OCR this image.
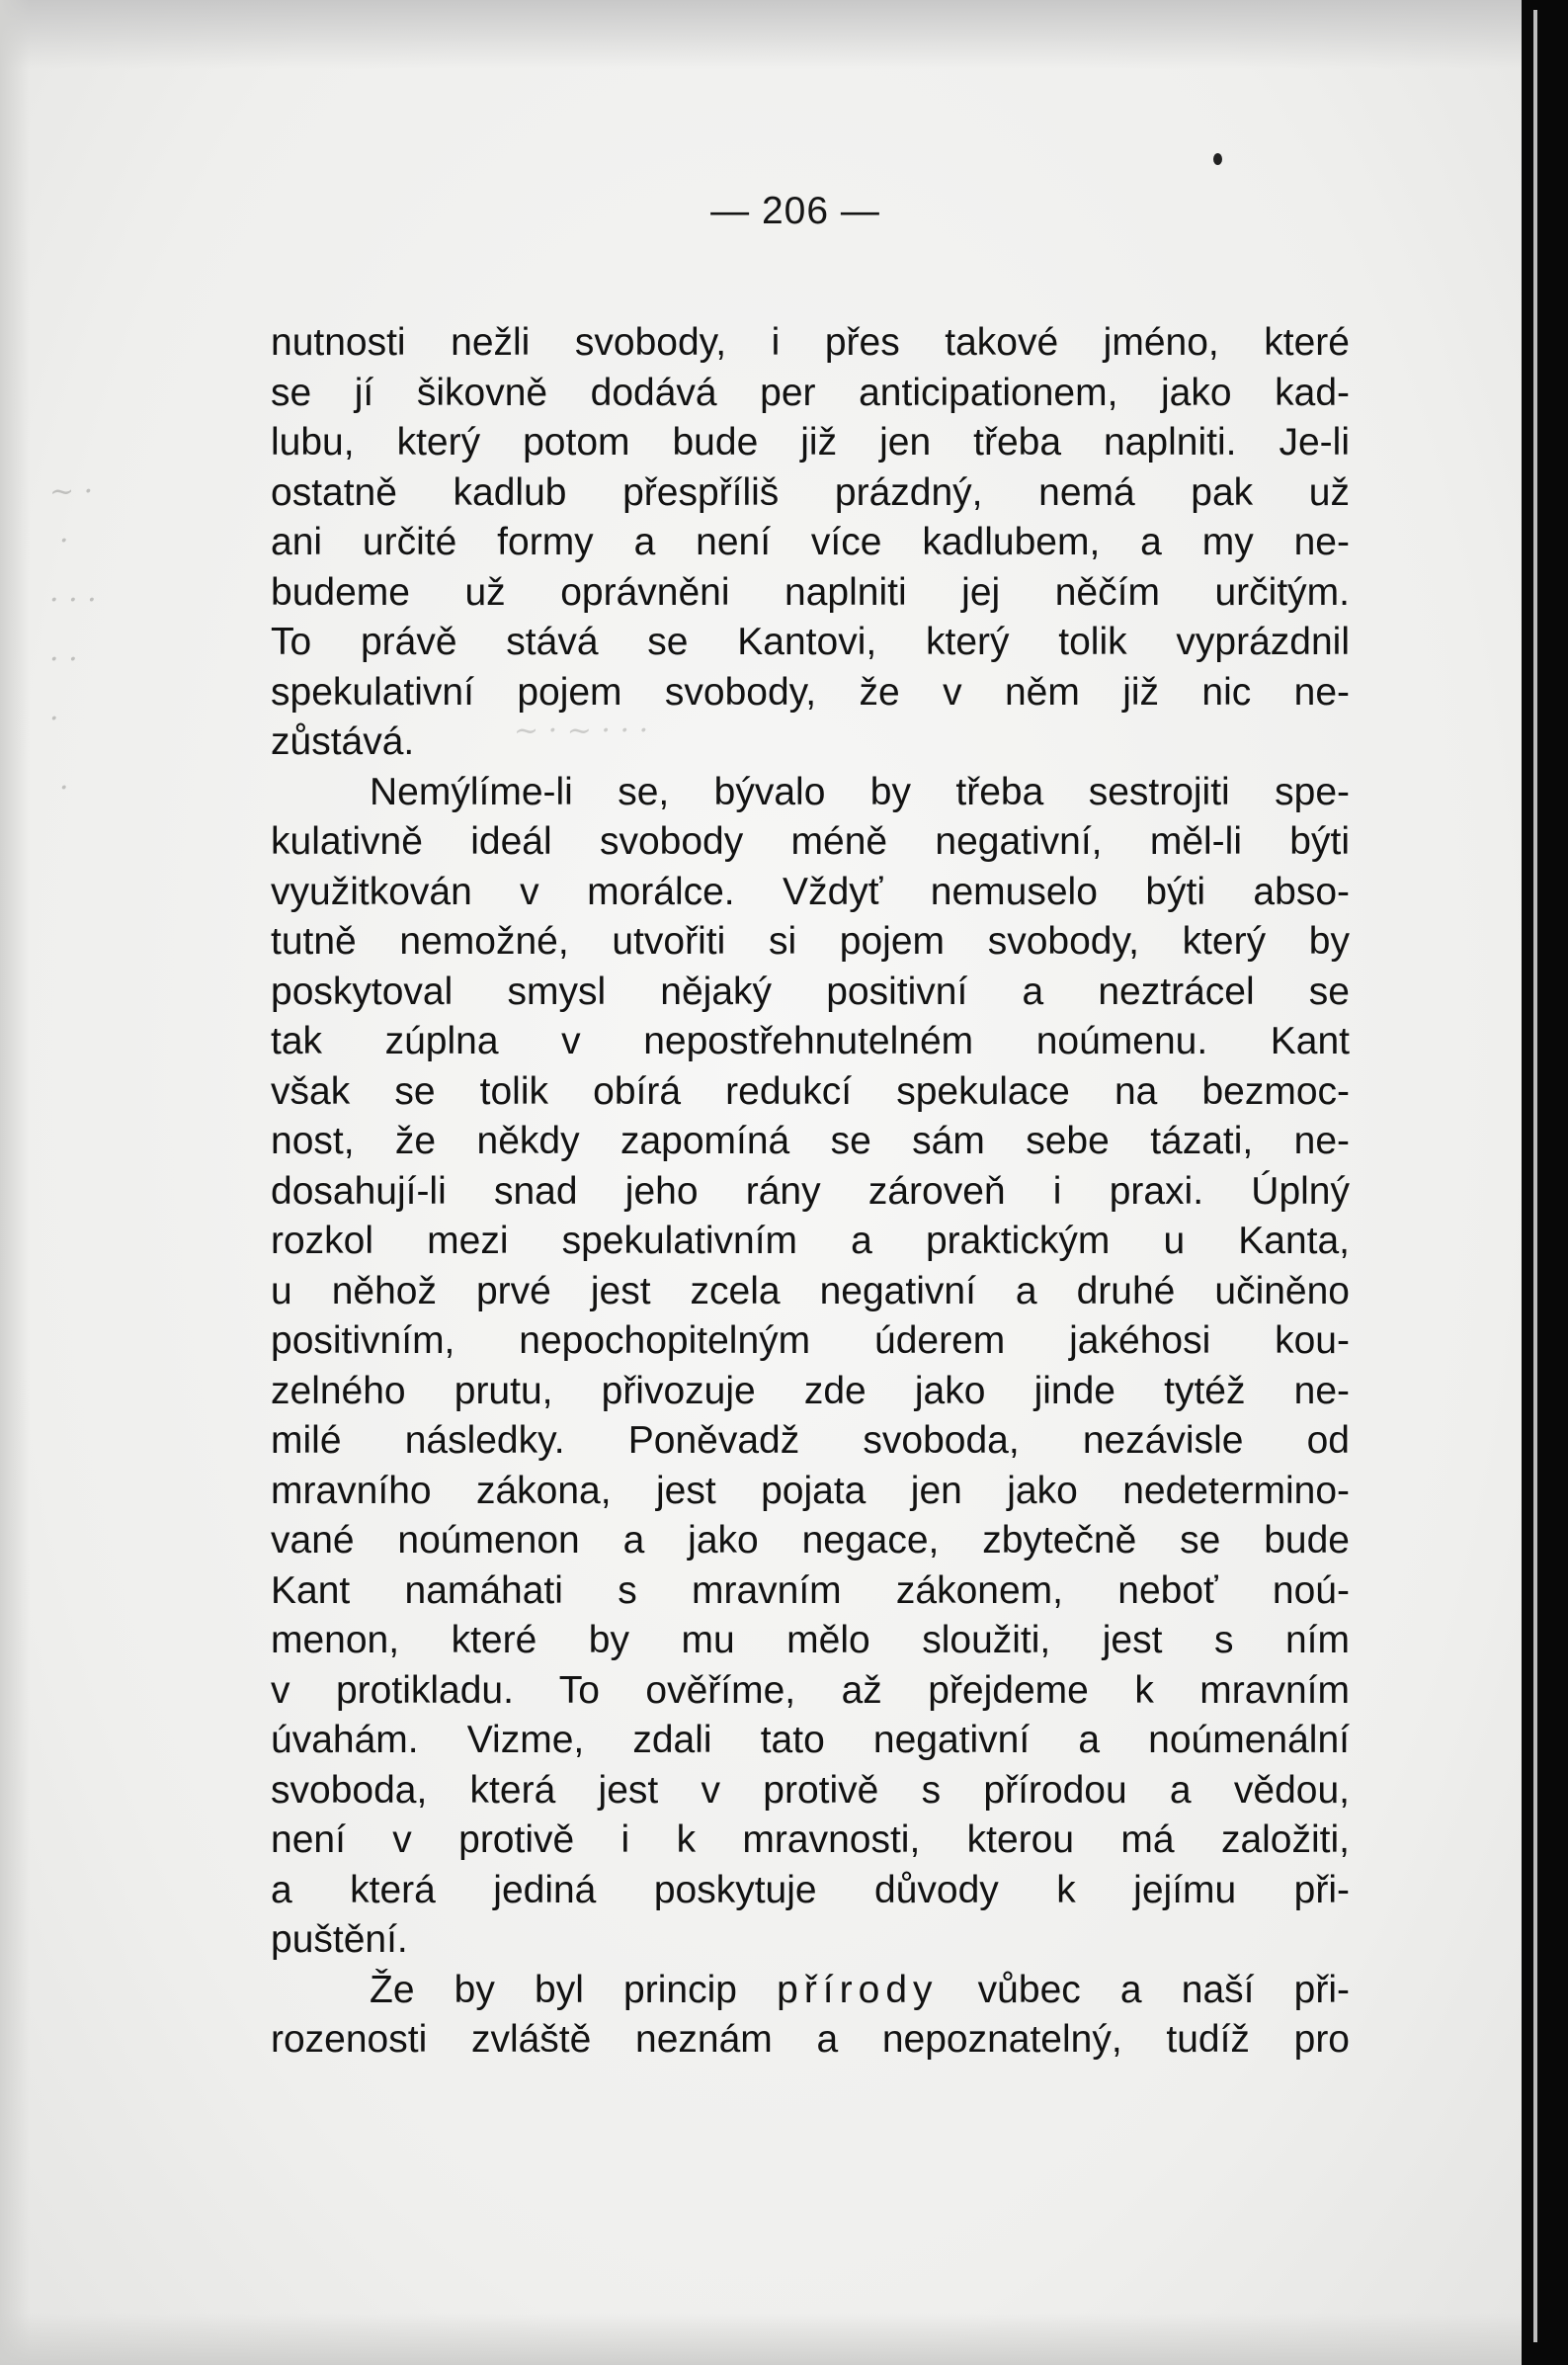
~ ·
·
· · ·
· ·
·
·
~ · ~ · · ·
— 206 —
nutnosti nežli svobody, i přes takové jméno, které
se jí šikovně dodává per anticipationem, jako kad-
lubu, který potom bude již jen třeba naplniti. Je-li
ostatně kadlub přespříliš prázdný, nemá pak už
ani určité formy a není více kadlubem, a my ne-
budeme už oprávněni naplniti jej něčím určitým.
To právě stává se Kantovi, který tolik vyprázdnil
spekulativní pojem svobody, že v něm již nic ne-
zůstává.
Nemýlíme-li se, bývalo by třeba sestrojiti spe-
kulativně ideál svobody méně negativní, měl-li býti
využitkován v morálce. Vždyť nemuselo býti abso-
tutně nemožné, utvořiti si pojem svobody, který by
poskytoval smysl nějaký positivní a neztrácel se
tak zúplna v nepostřehnutelném noúmenu. Kant
však se tolik obírá redukcí spekulace na bezmoc-
nost, že někdy zapomíná se sám sebe tázati, ne-
dosahují-li snad jeho rány zároveň i praxi. Úplný
rozkol mezi spekulativním a praktickým u Kanta,
u něhož prvé jest zcela negativní a druhé učiněno
positivním, nepochopitelným úderem jakéhosi kou-
zelného prutu, přivozuje zde jako jinde tytéž ne-
milé následky. Poněvadž svoboda, nezávisle od
mravního zákona, jest pojata jen jako nedetermino-
vané noúmenon a jako negace, zbytečně se bude
Kant namáhati s mravním zákonem, neboť noú-
menon, které by mu mělo sloužiti, jest s ním
v protikladu. To ověříme, až přejdeme k mravním
úvahám. Vizme, zdali tato negativní a noúmenální
svoboda, která jest v protivě s přírodou a vědou,
není v protivě i k mravnosti, kterou má založiti,
a která jediná poskytuje důvody k jejímu při-
puštění.
Že by byl princip přírody vůbec a naší při-
rozenosti zvláště neznám a nepoznatelný, tudíž pro
